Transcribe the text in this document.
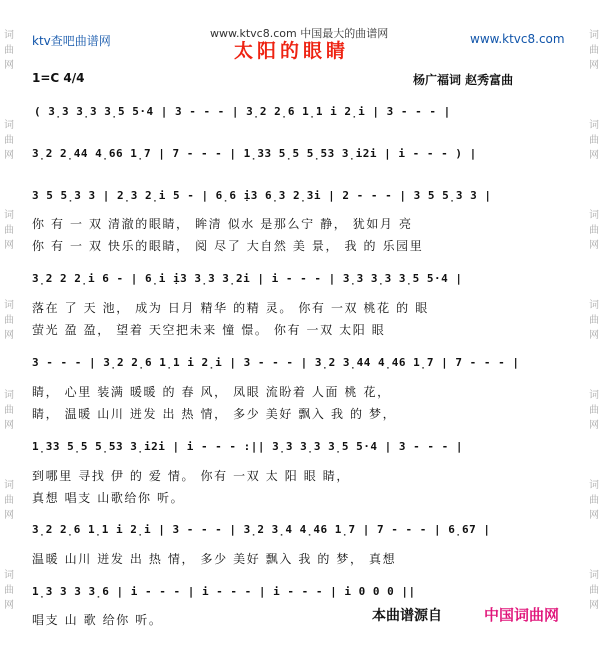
www.ktvc8.com 中国最大的曲谱网
ktv查吧曲谱网	www.ktvc8.com
太阳的眼睛
1=C 4/4	杨广福词 赵秀富曲
词曲网
词曲网
词曲网
词曲网
词曲网
词曲网
词曲网
词曲网
词曲网
词曲网
词曲网
词曲网
词曲网
词曲网
( 3̣3 3̣3 3̣5 5·4 | 3 - - - | 3̣2 2̣6 1̣1 i 2̣i | 3 - - - |
3̣2 2̣44 4̣66 1̣7 | 7 - - - | 1̣33 5̣5 5̣53 3̣i2i | i - - - ) |
3 5 5̣3 3 | 2̣3 2̣i 5 - | 6̣6 ị3 6̣3 2̣3i | 2 - - - | 3 5 5̣3 3 |
你 有 一 双 清澈的眼睛， 眸清 似水 是那么宁 静， 犹如月 亮
你 有 一 双 快乐的眼睛， 阅 尽了 大自然 美 景， 我 的 乐园里
3̣2 2 2̣i 6 - | 6̣i ị3 3̣3 3̣2i | i - - - | 3̣3 3̣3 3̣5 5·4 |
落在 了 天 池， 成为 日月 精华 的精 灵。 你有 一双 桃花 的 眼
萤光 盈 盈， 望着 天空把未来 憧 憬。 你有 一双 太阳 眼
3 - - - | 3̣2 2̣6 1̣1 i 2̣i | 3 - - - | 3̣2 3̣44 4̣46 1̣7 | 7 - - - |
睛， 心里 装满 暖暖 的 春 风， 凤眼 流盼着 人面 桃 花，
睛， 温暖 山川 迸发 出 热 情， 多少 美好 飘入 我 的 梦，
1̣33 5̣5 5̣53 3̣i2i | i - - - :|| 3̣3 3̣3 3̣5 5·4 | 3 - - - |
到哪里 寻找 伊 的 爱 情。 你有 一双 太 阳 眼 睛，
真想 唱支 山歌给你 听。
3̣2 2̣6 1̣1 i 2̣i | 3 - - - | 3̣2 3̣4 4̣46 1̣7 | 7 - - - | 6̣67 |
温暖 山川 迸发 出 热 情， 多少 美好 飘入 我 的 梦， 真想
1̣3 3 3 3̣6 | i - - - | i - - - | i - - - | i 0 0 0 ||
唱支 山 歌 给你 听。	本曲谱源自	中国词曲网
